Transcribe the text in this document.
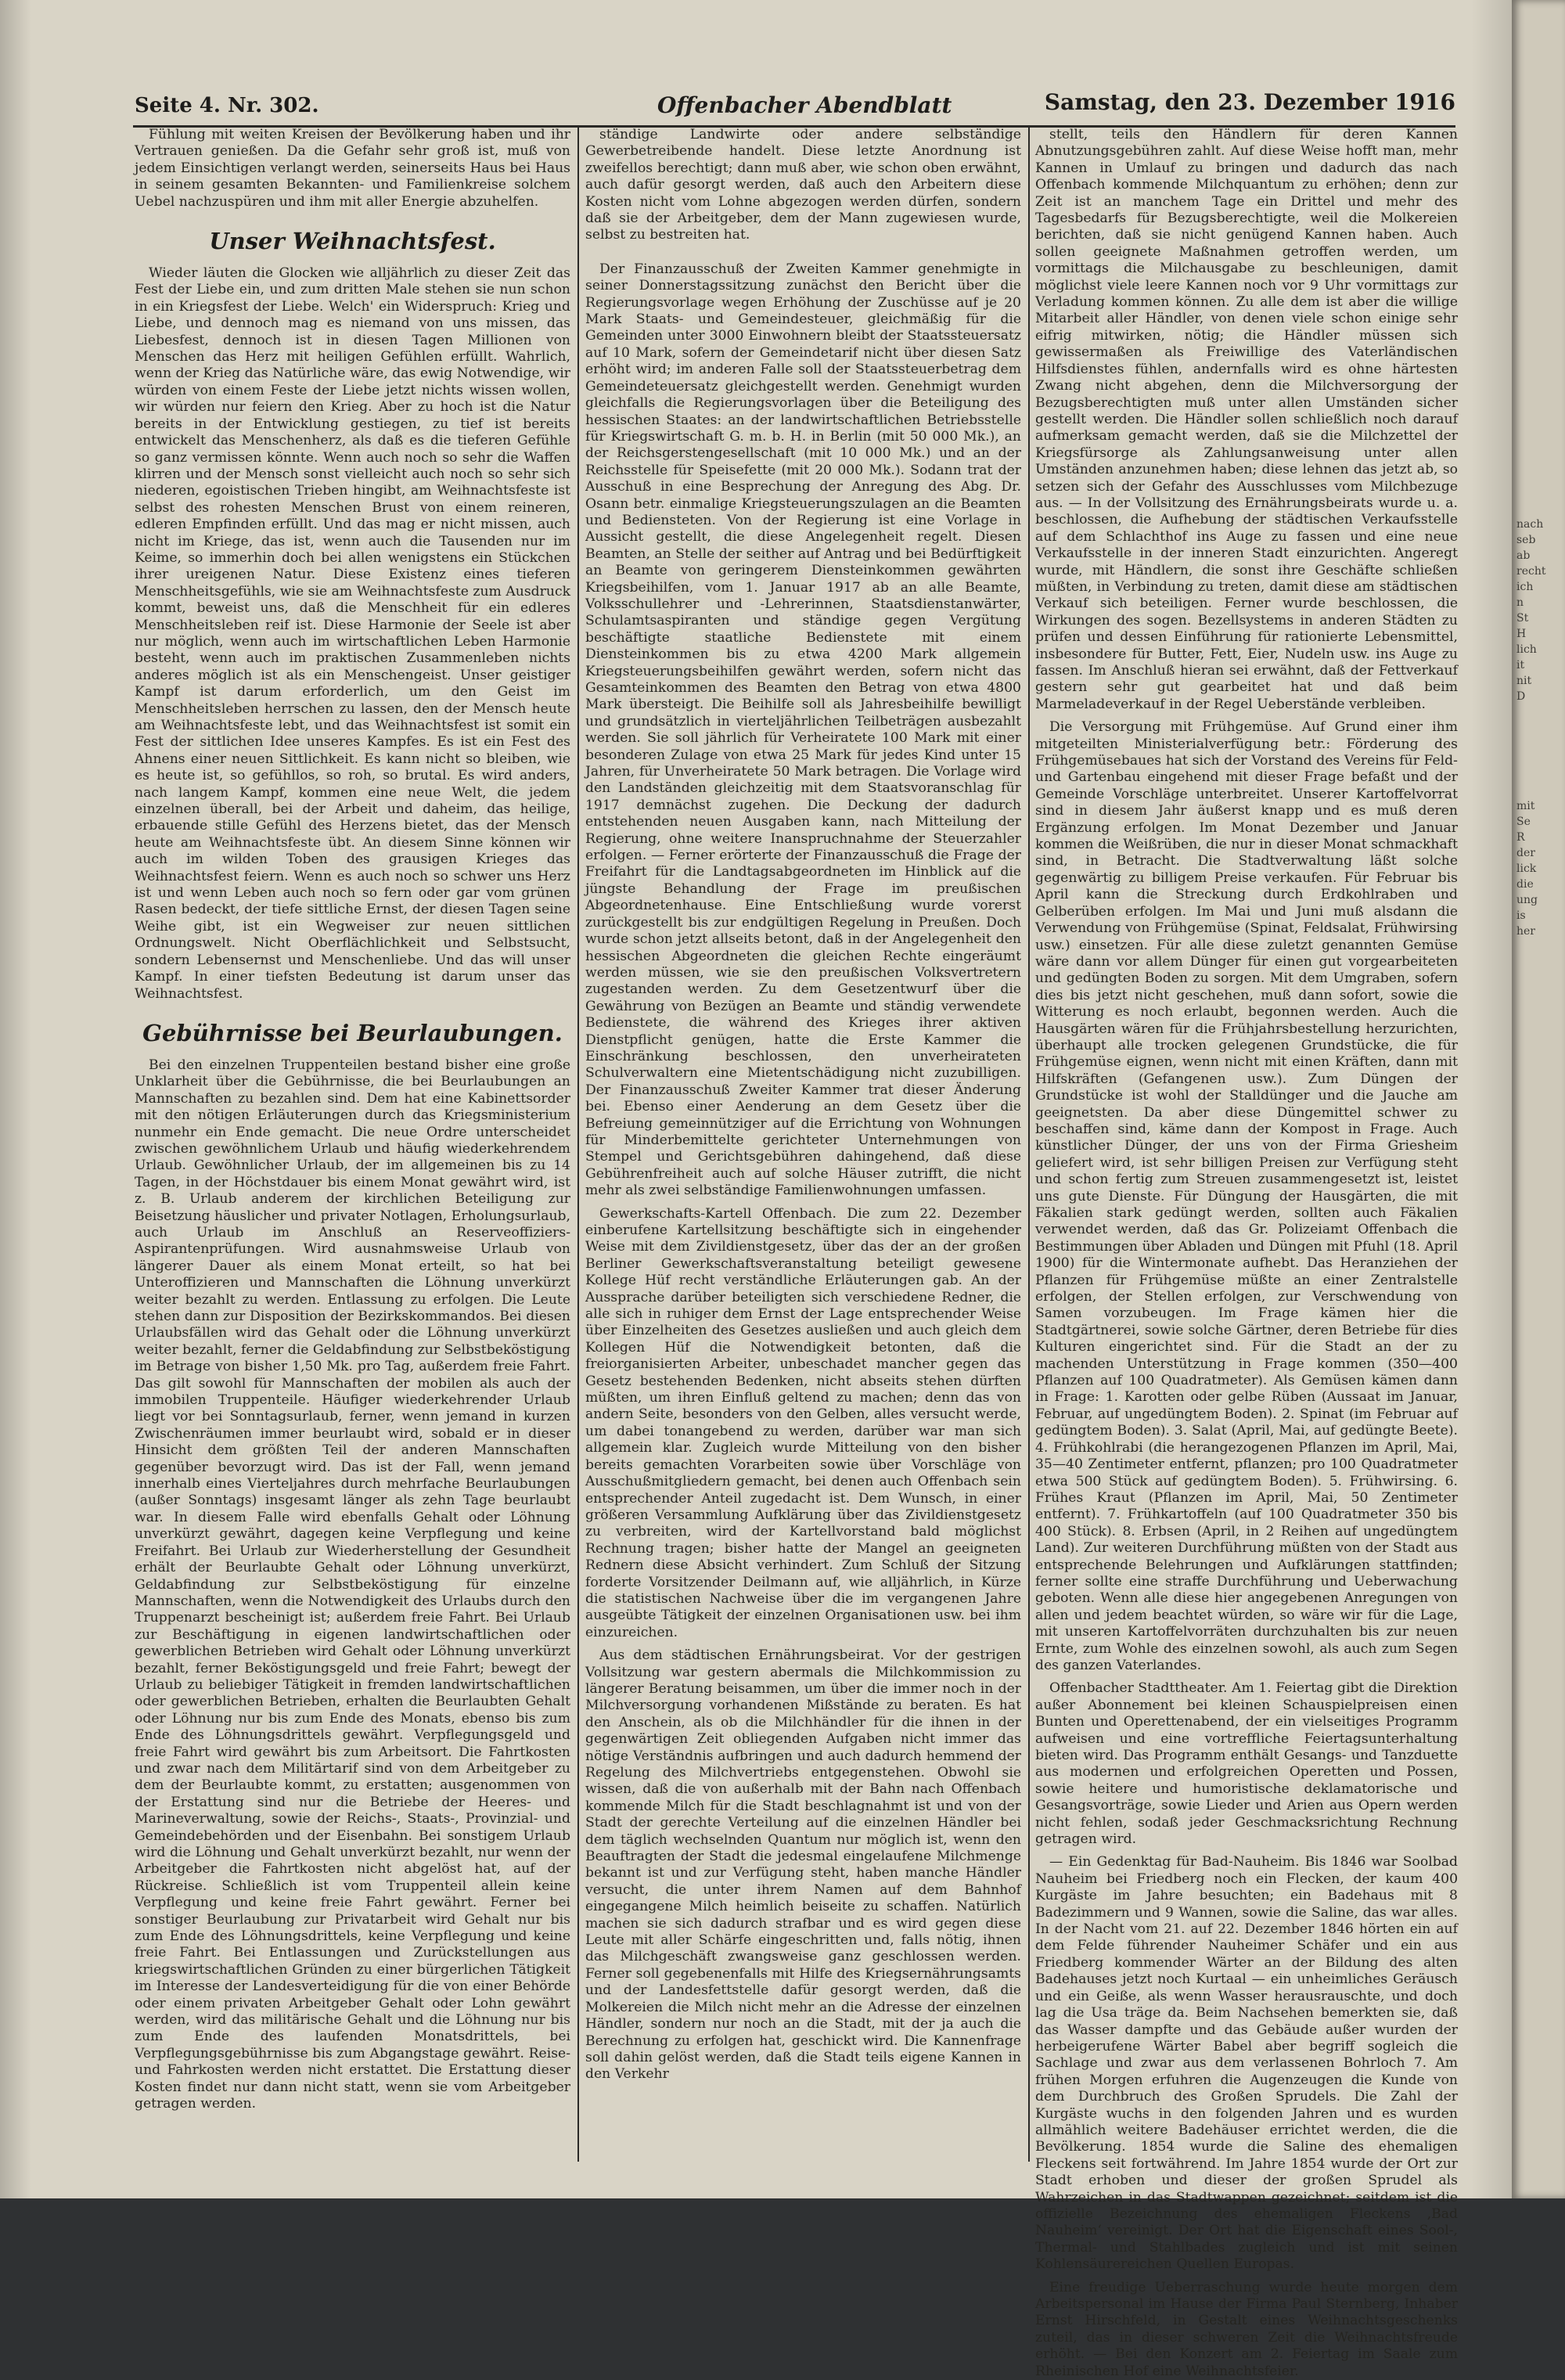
Seite 4. Nr. 302.	Offenbacher Abendblatt	Samstag, den 23. Dezember 1916

Fühlung mit weiten Kreisen der Bevölkerung haben und ihr Vertrauen genießen. Da die Gefahr sehr groß ist, muß von jedem Einsichtigen verlangt werden, seinerseits Haus bei Haus in seinem gesamten Bekannten- und Familienkreise solchem Uebel nachzuspüren und ihm mit aller Energie abzuhelfen.

Unser Weihnachtsfest.

Wieder läuten die Glocken wie alljährlich zu dieser Zeit das Fest der Liebe ein, und zum dritten Male stehen sie nun schon in ein Kriegsfest der Liebe. Welch' ein Widerspruch: Krieg und Liebe, und dennoch mag es niemand von uns missen, das Liebesfest, dennoch ist in diesen Tagen Millionen von Menschen das Herz mit heiligen Gefühlen erfüllt. Wahrlich, wenn der Krieg das Natürliche wäre, das ewig Notwendige, wir würden von einem Feste der Liebe jetzt nichts wissen wollen, wir würden nur feiern den Krieg. Aber zu hoch ist die Natur bereits in der Entwicklung gestiegen, zu tief ist bereits entwickelt das Menschenherz, als daß es die tieferen Gefühle so ganz vermissen könnte. Wenn auch noch so sehr die Waffen klirren und der Mensch sonst vielleicht auch noch so sehr sich niederen, egoistischen Trieben hingibt, am Weihnachtsfeste ist selbst des rohesten Menschen Brust von einem reineren, edleren Empfinden erfüllt. Und das mag er nicht missen, auch nicht im Kriege, das ist, wenn auch die Tausenden nur im Keime, so immerhin doch bei allen wenigstens ein Stückchen ihrer ureigenen Natur. Diese Existenz eines tieferen Menschheitsgefühls, wie sie am Weihnachtsfeste zum Ausdruck kommt, beweist uns, daß die Menschheit für ein edleres Menschheitsleben reif ist. Diese Harmonie der Seele ist aber nur möglich, wenn auch im wirtschaftlichen Leben Harmonie besteht, wenn auch im praktischen Zusammenleben nichts anderes möglich ist als ein Menschengeist. Unser geistiger Kampf ist darum erforderlich, um den Geist im Menschheitsleben herrschen zu lassen, den der Mensch heute am Weihnachtsfeste lebt, und das Weihnachtsfest ist somit ein Fest der sittlichen Idee unseres Kampfes. Es ist ein Fest des Ahnens einer neuen Sittlichkeit. Es kann nicht so bleiben, wie es heute ist, so gefühllos, so roh, so brutal. Es wird anders, nach langem Kampf, kommen eine neue Welt, die jedem einzelnen überall, bei der Arbeit und daheim, das heilige, erbauende stille Gefühl des Herzens bietet, das der Mensch heute am Weihnachtsfeste übt. An diesem Sinne können wir auch im wilden Toben des grausigen Krieges das Weihnachtsfest feiern. Wenn es auch noch so schwer uns Herz ist und wenn Leben auch noch so fern oder gar vom grünen Rasen bedeckt, der tiefe sittliche Ernst, der diesen Tagen seine Weihe gibt, ist ein Wegweiser zur neuen sittlichen Ordnungswelt. Nicht Oberflächlichkeit und Selbstsucht, sondern Lebensernst und Menschenliebe. Und das will unser Kampf. In einer tiefsten Bedeutung ist darum unser das Weihnachtsfest.

Gebührnisse bei Beurlaubungen.

Bei den einzelnen Truppenteilen bestand bisher eine große Unklarheit über die Gebührnisse, die bei Beurlaubungen an Mannschaften zu bezahlen sind. Dem hat eine Kabinettsorder mit den nötigen Erläuterungen durch das Kriegsministerium nunmehr ein Ende gemacht. Die neue Ordre unterscheidet zwischen gewöhnlichem Urlaub und häufig wiederkehrendem Urlaub. Gewöhnlicher Urlaub, der im allgemeinen bis zu 14 Tagen, in der Höchstdauer bis einem Monat gewährt wird, ist z. B. Urlaub anderem der kirchlichen Beteiligung zur Beisetzung häuslicher und privater Notlagen, Erholungsurlaub, auch Urlaub im Anschluß an Reserveoffiziers-Aspirantenprüfungen. Wird ausnahmsweise Urlaub von längerer Dauer als einem Monat erteilt, so hat bei Unteroffizieren und Mannschaften die Löhnung unverkürzt weiter bezahlt zu werden. Entlassung zu erfolgen. Die Leute stehen dann zur Disposition der Bezirkskommandos. Bei diesen Urlaubsfällen wird das Gehalt oder die Löhnung unverkürzt weiter bezahlt, ferner die Geldabfindung zur Selbstbeköstigung im Betrage von bisher 1,50 Mk. pro Tag, außerdem freie Fahrt. Das gilt sowohl für Mannschaften der mobilen als auch der immobilen Truppenteile. Häufiger wiederkehrender Urlaub liegt vor bei Sonntagsurlaub, ferner, wenn jemand in kurzen Zwischenräumen immer beurlaubt wird, sobald er in dieser Hinsicht dem größten Teil der anderen Mannschaften gegenüber bevorzugt wird. Das ist der Fall, wenn jemand innerhalb eines Vierteljahres durch mehrfache Beurlaubungen (außer Sonntags) insgesamt länger als zehn Tage beurlaubt war. In diesem Falle wird ebenfalls Gehalt oder Löhnung unverkürzt gewährt, dagegen keine Verpflegung und keine Freifahrt. Bei Urlaub zur Wiederherstellung der Gesundheit erhält der Beurlaubte Gehalt oder Löhnung unverkürzt, Geldabfindung zur Selbstbeköstigung für einzelne Mannschaften, wenn die Notwendigkeit des Urlaubs durch den Truppenarzt bescheinigt ist; außerdem freie Fahrt. Bei Urlaub zur Beschäftigung in eigenen landwirtschaftlichen oder gewerblichen Betrieben wird Gehalt oder Löhnung unverkürzt bezahlt, ferner Beköstigungsgeld und freie Fahrt; bewegt der Urlaub zu beliebiger Tätigkeit in fremden landwirtschaftlichen oder gewerblichen Betrieben, erhalten die Beurlaubten Gehalt oder Löhnung nur bis zum Ende des Monats, ebenso bis zum Ende des Löhnungsdrittels gewährt. Verpflegungsgeld und freie Fahrt wird gewährt bis zum Arbeitsort. Die Fahrtkosten und zwar nach dem Militärtarif sind von dem Arbeitgeber zu dem der Beurlaubte kommt, zu erstatten; ausgenommen von der Erstattung sind nur die Betriebe der Heeres- und Marineverwaltung, sowie der Reichs-, Staats-, Provinzial- und Gemeindebehörden und der Eisenbahn. Bei sonstigem Urlaub wird die Löhnung und Gehalt unverkürzt bezahlt, nur wenn der Arbeitgeber die Fahrtkosten nicht abgelöst hat, auf der Rückreise. Schließlich ist vom Truppenteil allein keine Verpflegung und keine freie Fahrt gewährt. Ferner bei sonstiger Beurlaubung zur Privatarbeit wird Gehalt nur bis zum Ende des Löhnungsdrittels, keine Verpflegung und keine freie Fahrt. Bei Entlassungen und Zurückstellungen aus kriegswirtschaftlichen Gründen zu einer bürgerlichen Tätigkeit im Interesse der Landesverteidigung für die von einer Behörde oder einem privaten Arbeitgeber Gehalt oder Lohn gewährt werden, wird das militärische Gehalt und die Löhnung nur bis zum Ende des laufenden Monatsdrittels, bei Verpflegungsgebührnisse bis zum Abgangstage gewährt. Reise- und Fahrkosten werden nicht erstattet. Die Erstattung dieser Kosten findet nur dann nicht statt, wenn sie vom Arbeitgeber getragen werden.

ständige Landwirte oder andere selbständige Gewerbetreibende handelt. Diese letzte Anordnung ist zweifellos berechtigt; dann muß aber, wie schon oben erwähnt, auch dafür gesorgt werden, daß auch den Arbeitern diese Kosten nicht vom Lohne abgezogen werden dürfen, sondern daß sie der Arbeitgeber, dem der Mann zugewiesen wurde, selbst zu bestreiten hat.

Der Finanzausschuß der Zweiten Kammer genehmigte in seiner Donnerstagssitzung zunächst den Bericht über die Regierungsvorlage wegen Erhöhung der Zuschüsse auf je 20 Mark Staats- und Gemeindesteuer, gleichmäßig für die Gemeinden unter 3000 Einwohnern bleibt der Staatssteuersatz auf 10 Mark, sofern der Gemeindetarif nicht über diesen Satz erhöht wird; im anderen Falle soll der Staatssteuerbetrag dem Gemeindeteuersatz gleichgestellt werden. Genehmigt wurden gleichfalls die Regierungsvorlagen über die Beteiligung des hessischen Staates: an der landwirtschaftlichen Betriebsstelle für Kriegswirtschaft G. m. b. H. in Berlin (mit 50 000 Mk.), an der Reichsgerstengesellschaft (mit 10 000 Mk.) und an der Reichsstelle für Speisefette (mit 20 000 Mk.). Sodann trat der Ausschuß in eine Besprechung der Anregung des Abg. Dr. Osann betr. einmalige Kriegsteuerungszulagen an die Beamten und Bediensteten. Von der Regierung ist eine Vorlage in Aussicht gestellt, die diese Angelegenheit regelt. Diesen Beamten, an Stelle der seither auf Antrag und bei Bedürftigkeit an Beamte von geringerem Diensteinkommen gewährten Kriegsbeihilfen, vom 1. Januar 1917 ab an alle Beamte, Volksschullehrer und -Lehrerinnen, Staatsdienstanwärter, Schulamtsaspiranten und ständige gegen Vergütung beschäftigte staatliche Bedienstete mit einem Diensteinkommen bis zu etwa 4200 Mark allgemein Kriegsteuerungsbeihilfen gewährt werden, sofern nicht das Gesamteinkommen des Beamten den Betrag von etwa 4800 Mark übersteigt. Die Beihilfe soll als Jahresbeihilfe bewilligt und grundsätzlich in vierteljährlichen Teilbeträgen ausbezahlt werden. Sie soll jährlich für Verheiratete 100 Mark mit einer besonderen Zulage von etwa 25 Mark für jedes Kind unter 15 Jahren, für Unverheiratete 50 Mark betragen. Die Vorlage wird den Landständen gleichzeitig mit dem Staatsvoranschlag für 1917 demnächst zugehen. Die Deckung der dadurch entstehenden neuen Ausgaben kann, nach Mitteilung der Regierung, ohne weitere Inanspruchnahme der Steuerzahler erfolgen. — Ferner erörterte der Finanzausschuß die Frage der Freifahrt für die Landtagsabgeordneten im Hinblick auf die jüngste Behandlung der Frage im preußischen Abgeordnetenhause. Eine Entschließung wurde vorerst zurückgestellt bis zur endgültigen Regelung in Preußen. Doch wurde schon jetzt allseits betont, daß in der Angelegenheit den hessischen Abgeordneten die gleichen Rechte eingeräumt werden müssen, wie sie den preußischen Volksvertretern zugestanden werden. Zu dem Gesetzentwurf über die Gewährung von Bezügen an Beamte und ständig verwendete Bedienstete, die während des Krieges ihrer aktiven Dienstpflicht genügen, hatte die Erste Kammer die Einschränkung beschlossen, den unverheirateten Schulverwaltern eine Mietentschädigung nicht zuzubilligen. Der Finanzausschuß Zweiter Kammer trat dieser Änderung bei. Ebenso einer Aenderung an dem Gesetz über die Befreiung gemeinnütziger auf die Errichtung von Wohnungen für Minderbemittelte gerichteter Unternehmungen von Stempel und Gerichtsgebühren dahingehend, daß diese Gebührenfreiheit auch auf solche Häuser zutrifft, die nicht mehr als zwei selbständige Familienwohnungen umfassen.

Gewerkschafts-Kartell Offenbach. Die zum 22. Dezember einberufene Kartellsitzung beschäftigte sich in eingehender Weise mit dem Zivildienstgesetz, über das der an der großen Berliner Gewerkschaftsveranstaltung beteiligt gewesene Kollege Hüf recht verständliche Erläuterungen gab. An der Aussprache darüber beteiligten sich verschiedene Redner, die alle sich in ruhiger dem Ernst der Lage entsprechender Weise über Einzelheiten des Gesetzes ausließen und auch gleich dem Kollegen Hüf die Notwendigkeit betonten, daß die freiorganisierten Arbeiter, unbeschadet mancher gegen das Gesetz bestehenden Bedenken, nicht abseits stehen dürften müßten, um ihren Einfluß geltend zu machen; denn das von andern Seite, besonders von den Gelben, alles versucht werde, um dabei tonangebend zu werden, darüber war man sich allgemein klar. Zugleich wurde Mitteilung von den bisher bereits gemachten Vorarbeiten sowie über Vorschläge von Ausschußmitgliedern gemacht, bei denen auch Offenbach sein entsprechender Anteil zugedacht ist. Dem Wunsch, in einer größeren Versammlung Aufklärung über das Zivildienstgesetz zu verbreiten, wird der Kartellvorstand bald möglichst Rechnung tragen; bisher hatte der Mangel an geeigneten Rednern diese Absicht verhindert. Zum Schluß der Sitzung forderte Vorsitzender Deilmann auf, wie alljährlich, in Kürze die statistischen Nachweise über die im vergangenen Jahre ausgeübte Tätigkeit der einzelnen Organisationen usw. bei ihm einzureichen.

Aus dem städtischen Ernährungsbeirat. Vor der gestrigen Vollsitzung war gestern abermals die Milchkommission zu längerer Beratung beisammen, um über die immer noch in der Milchversorgung vorhandenen Mißstände zu beraten. Es hat den Anschein, als ob die Milchhändler für die ihnen in der gegenwärtigen Zeit obliegenden Aufgaben nicht immer das nötige Verständnis aufbringen und auch dadurch hemmend der Regelung des Milchvertriebs entgegenstehen. Obwohl sie wissen, daß die von außerhalb mit der Bahn nach Offenbach kommende Milch für die Stadt beschlagnahmt ist und von der Stadt der gerechte Verteilung auf die einzelnen Händler bei dem täglich wechselnden Quantum nur möglich ist, wenn den Beauftragten der Stadt die jedesmal eingelaufene Milchmenge bekannt ist und zur Verfügung steht, haben manche Händler versucht, die unter ihrem Namen auf dem Bahnhof eingegangene Milch heimlich beiseite zu schaffen. Natürlich machen sie sich dadurch strafbar und es wird gegen diese Leute mit aller Schärfe eingeschritten und, falls nötig, ihnen das Milchgeschäft zwangsweise ganz geschlossen werden. Ferner soll gegebenenfalls mit Hilfe des Kriegsernährungsamts und der Landesfettstelle dafür gesorgt werden, daß die Molkereien die Milch nicht mehr an die Adresse der einzelnen Händler, sondern nur noch an die Stadt, mit der ja auch die Berechnung zu erfolgen hat, geschickt wird. Die Kannenfrage soll dahin gelöst werden, daß die Stadt teils eigene Kannen in den Verkehr

stellt, teils den Händlern für deren Kannen Abnutzungsgebühren zahlt. Auf diese Weise hofft man, mehr Kannen in Umlauf zu bringen und dadurch das nach Offenbach kommende Milchquantum zu erhöhen; denn zur Zeit ist an manchem Tage ein Drittel und mehr des Tagesbedarfs für Bezugsberechtigte, weil die Molkereien berichten, daß sie nicht genügend Kannen haben. Auch sollen geeignete Maßnahmen getroffen werden, um vormittags die Milchausgabe zu beschleunigen, damit möglichst viele leere Kannen noch vor 9 Uhr vormittags zur Verladung kommen können. Zu alle dem ist aber die willige Mitarbeit aller Händler, von denen viele schon einige sehr eifrig mitwirken, nötig; die Händler müssen sich gewissermaßen als Freiwillige des Vaterländischen Hilfsdienstes fühlen, andernfalls wird es ohne härtesten Zwang nicht abgehen, denn die Milchversorgung der Bezugsberechtigten muß unter allen Umständen sicher gestellt werden. Die Händler sollen schließlich noch darauf aufmerksam gemacht werden, daß sie die Milchzettel der Kriegsfürsorge als Zahlungsanweisung unter allen Umständen anzunehmen haben; diese lehnen das jetzt ab, so setzen sich der Gefahr des Ausschlusses vom Milchbezuge aus. — In der Vollsitzung des Ernährungsbeirats wurde u. a. beschlossen, die Aufhebung der städtischen Verkaufsstelle auf dem Schlachthof ins Auge zu fassen und eine neue Verkaufsstelle in der inneren Stadt einzurichten. Angeregt wurde, mit Händlern, die sonst ihre Geschäfte schließen müßten, in Verbindung zu treten, damit diese am städtischen Verkauf sich beteiligen. Ferner wurde beschlossen, die Wirkungen des sogen. Bezellsystems in anderen Städten zu prüfen und dessen Einführung für rationierte Lebensmittel, insbesondere für Butter, Fett, Eier, Nudeln usw. ins Auge zu fassen. Im Anschluß hieran sei erwähnt, daß der Fettverkauf gestern sehr gut gearbeitet hat und daß beim Marmeladeverkauf in der Regel Ueberstände verbleiben.

Die Versorgung mit Frühgemüse. Auf Grund einer ihm mitgeteilten Ministerialverfügung betr.: Förderung des Frühgemüsebaues hat sich der Vorstand des Vereins für Feld- und Gartenbau eingehend mit dieser Frage befaßt und der Gemeinde Vorschläge unterbreitet. Unserer Kartoffelvorrat sind in diesem Jahr äußerst knapp und es muß deren Ergänzung erfolgen. Im Monat Dezember und Januar kommen die Weißrüben, die nur in dieser Monat schmackhaft sind, in Betracht. Die Stadtverwaltung läßt solche gegenwärtig zu billigem Preise verkaufen. Für Februar bis April kann die Streckung durch Erdkohlraben und Gelberüben erfolgen. Im Mai und Juni muß alsdann die Verwendung von Frühgemüse (Spinat, Feldsalat, Frühwirsing usw.) einsetzen. Für alle diese zuletzt genannten Gemüse wäre dann vor allem Dünger für einen gut vorgearbeiteten und gedüngten Boden zu sorgen. Mit dem Umgraben, sofern dies bis jetzt nicht geschehen, muß dann sofort, sowie die Witterung es noch erlaubt, begonnen werden. Auch die Hausgärten wären für die Frühjahrsbestellung herzurichten, überhaupt alle trocken gelegenen Grundstücke, die für Frühgemüse eignen, wenn nicht mit einen Kräften, dann mit Hilfskräften (Gefangenen usw.). Zum Düngen der Grundstücke ist wohl der Stalldünger und die Jauche am geeignetsten. Da aber diese Düngemittel schwer zu beschaffen sind, käme dann der Kompost in Frage. Auch künstlicher Dünger, der uns von der Firma Griesheim geliefert wird, ist sehr billigen Preisen zur Verfügung steht und schon fertig zum Streuen zusammengesetzt ist, leistet uns gute Dienste. Für Düngung der Hausgärten, die mit Fäkalien stark gedüngt werden, sollten auch Fäkalien verwendet werden, daß das Gr. Polizeiamt Offenbach die Bestimmungen über Abladen und Düngen mit Pfuhl (18. April 1900) für die Wintermonate aufhebt. Das Heranziehen der Pflanzen für Frühgemüse müßte an einer Zentralstelle erfolgen, der Stellen erfolgen, zur Verschwendung von Samen vorzubeugen. Im Frage kämen hier die Stadtgärtnerei, sowie solche Gärtner, deren Betriebe für dies Kulturen eingerichtet sind. Für die Stadt an der zu machenden Unterstützung in Frage kommen (350—400 Pflanzen auf 100 Quadratmeter). Als Gemüsen kämen dann in Frage: 1. Karotten oder gelbe Rüben (Aussaat im Januar, Februar, auf ungedüngtem Boden). 2. Spinat (im Februar auf gedüngtem Boden). 3. Salat (April, Mai, auf gedüngte Beete). 4. Frühkohlrabi (die herangezogenen Pflanzen im April, Mai, 35—40 Zentimeter entfernt, pflanzen; pro 100 Quadratmeter etwa 500 Stück auf gedüngtem Boden). 5. Frühwirsing. 6. Frühes Kraut (Pflanzen im April, Mai, 50 Zentimeter entfernt). 7. Frühkartoffeln (auf 100 Quadratmeter 350 bis 400 Stück). 8. Erbsen (April, in 2 Reihen auf ungedüngtem Land). Zur weiteren Durchführung müßten von der Stadt aus entsprechende Belehrungen und Aufklärungen stattfinden; ferner sollte eine straffe Durchführung und Ueberwachung geboten. Wenn alle diese hier angegebenen Anregungen von allen und jedem beachtet würden, so wäre wir für die Lage, mit unseren Kartoffelvorräten durchzuhalten bis zur neuen Ernte, zum Wohle des einzelnen sowohl, als auch zum Segen des ganzen Vaterlandes.

Offenbacher Stadttheater. Am 1. Feiertag gibt die Direktion außer Abonnement bei kleinen Schauspielpreisen einen Bunten und Operettenabend, der ein vielseitiges Programm aufweisen und eine vortreffliche Feiertagsunterhaltung bieten wird. Das Programm enthält Gesangs- und Tanzduette aus modernen und erfolgreichen Operetten und Possen, sowie heitere und humoristische deklamatorische und Gesangsvorträge, sowie Lieder und Arien aus Opern werden nicht fehlen, sodaß jeder Geschmacksrichtung Rechnung getragen wird.

— Ein Gedenktag für Bad-Nauheim. Bis 1846 war Soolbad Nauheim bei Friedberg noch ein Flecken, der kaum 400 Kurgäste im Jahre besuchten; ein Badehaus mit 8 Badezimmern und 9 Wannen, sowie die Saline, das war alles. In der Nacht vom 21. auf 22. Dezember 1846 hörten ein auf dem Felde führender Nauheimer Schäfer und ein aus Friedberg kommender Wärter an der Bildung des alten Badehauses jetzt noch Kurtaal — ein unheimliches Geräusch und ein Geiße, als wenn Wasser herausrauschte, und doch lag die Usa träge da. Beim Nachsehen bemerkten sie, daß das Wasser dampfte und das Gebäude außer wurden der herbeigerufene Wärter Babel aber begriff sogleich die Sachlage und zwar aus dem verlassenen Bohrloch 7. Am frühen Morgen erfuhren die Augenzeugen die Kunde von dem Durchbruch des Großen Sprudels. Die Zahl der Kurgäste wuchs in den folgenden Jahren und es wurden allmählich weitere Badehäuser errichtet werden, die die Bevölkerung. 1854 wurde die Saline des ehemaligen Fleckens seit fortwährend. Im Jahre 1854 wurde der Ort zur Stadt erhoben und dieser der großen Sprudel als Wahrzeichen in das Stadtwappen gezeichnet; seitdem ist die offizielle Bezeichnung des ehemaligen Fleckens ‚Bad Nauheim‘ vereinigt. Der Ort hat die Eigenschaft eines Sool-, Thermal- und Stahlbades zugleich und ist mit seinen Kohlensäurereichen Quellen Europas.

Eine freudige Ueberraschung wurde heute morgen dem Arbeitspersonal im Hause der Firma Paul Sternberg, Inhaber Ernst Hirschfeld, in Gestalt eines Weihnachtsgeschenks zuteil, das in dieser schweren Zeit die Weihnachtsfreude erhöht. — Bei den Konzert am 2. Feiertag im Saale zum Rheinischen Hof eine Weihnachtsfeier.

nach
seb
ab
recht
ich
n
St
H
lich
it
nit
D

mit
Se
R
der
lick
die
ung
is
her
